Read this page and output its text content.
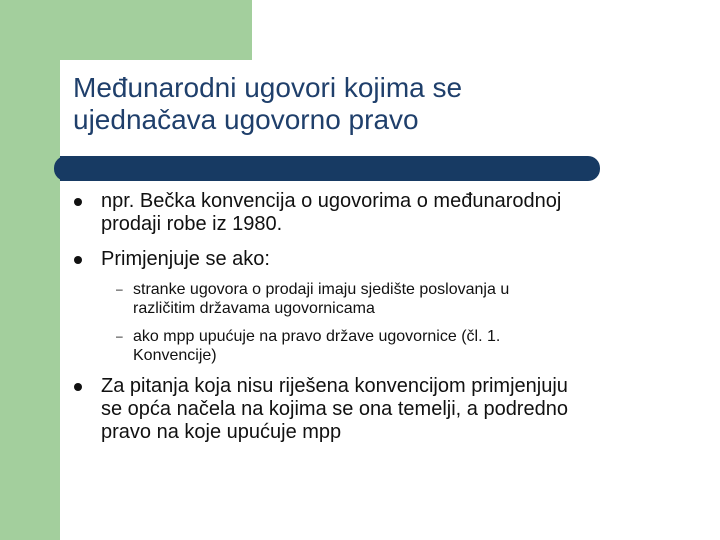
Međunarodni ugovori kojima se
ujednačava ugovorno pravo
npr. Bečka konvencija o ugovorima o međunarodnoj
prodaji robe iz 1980.
Primjenjuje se ako:
– stranke ugovora o prodaji imaju sjedište poslovanja u
različitim državama ugovornicama
– ako mpp upućuje na pravo države ugovornice (čl. 1.
Konvencije)
Za pitanja koja nisu riješena konvencijom primjenjuju
se opća načela na kojima se ona temelji, a podredno
pravo na koje upućuje mpp
